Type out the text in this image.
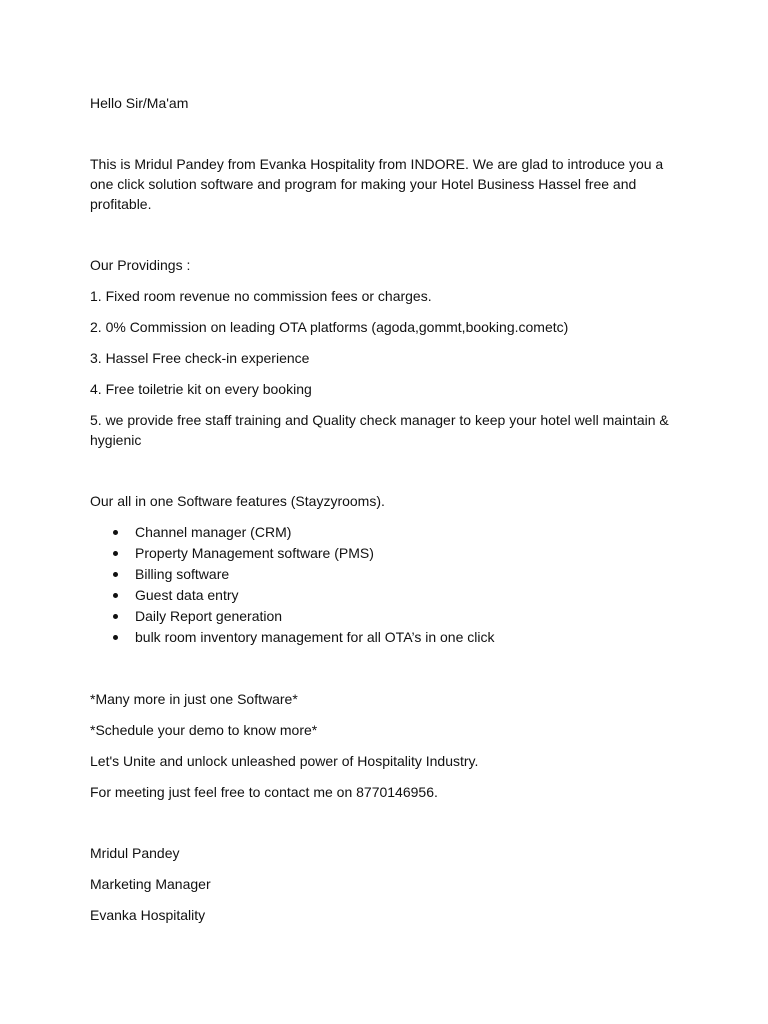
Hello Sir/Ma'am

This is Mridul Pandey from Evanka Hospitality from INDORE. We are glad to introduce you a one click solution software and program for making your Hotel Business Hassel free and profitable.

Our Providings :

1. Fixed room revenue no commission fees or charges.

2. 0% Commission on leading OTA platforms (agoda,gommt,booking.cometc)

3. Hassel Free check-in experience

4. Free toiletrie kit on every booking

5. we provide free staff training and Quality check manager to keep your hotel well maintain & hygienic

Our all in one Software features (Stayzyrooms).

Channel manager (CRM)
Property Management software (PMS)
Billing software
Guest data entry
Daily Report generation
bulk room inventory management for all OTA’s in one click

*Many more in just one Software*

*Schedule your demo to know more*

Let's Unite and unlock unleashed power of Hospitality Industry.

For meeting just feel free to contact me on 8770146956.

Mridul Pandey

Marketing Manager

Evanka Hospitality
